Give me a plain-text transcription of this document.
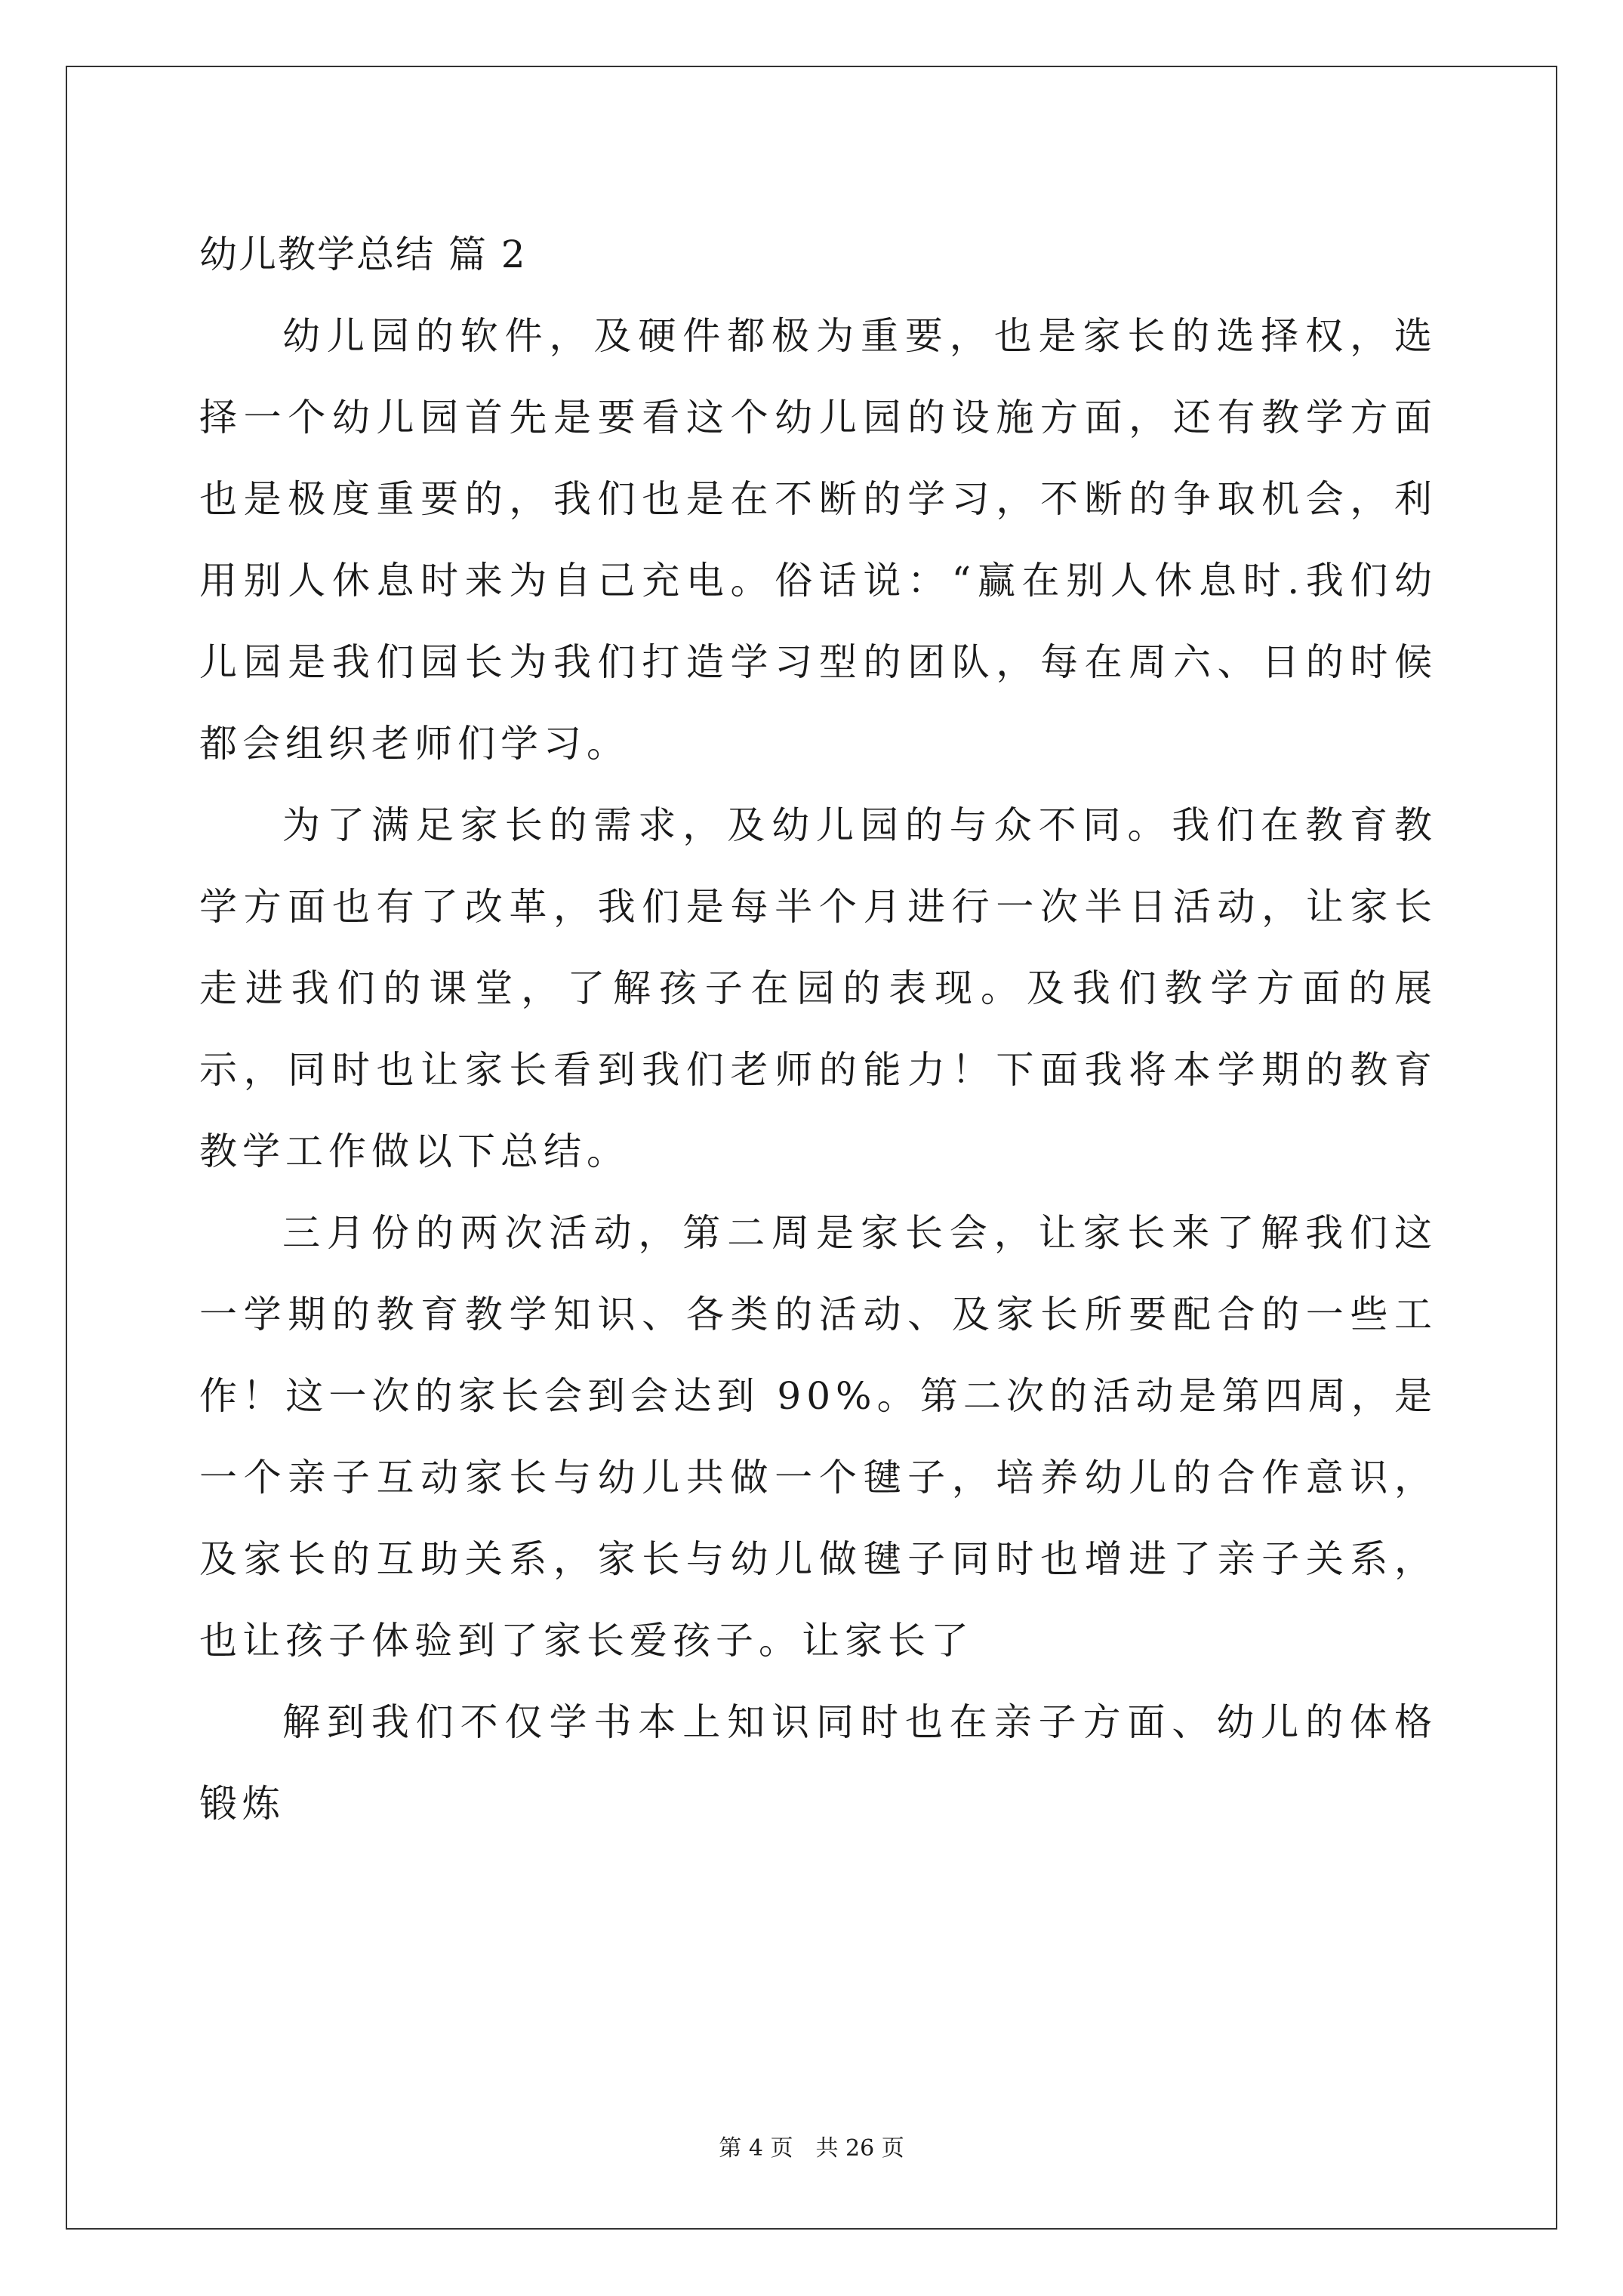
幼儿教学总结 篇 2

幼儿园的软件，及硬件都极为重要，也是家长的选择权，选择一个幼儿园首先是要看这个幼儿园的设施方面，还有教学方面也是极度重要的，我们也是在不断的学习，不断的争取机会，利用别人休息时来为自己充电。俗话说：“赢在别人休息时.我们幼儿园是我们园长为我们打造学习型的团队，每在周六、日的时候都会组织老师们学习。

为了满足家长的需求，及幼儿园的与众不同。我们在教育教学方面也有了改革，我们是每半个月进行一次半日活动，让家长走进我们的课堂，了解孩子在园的表现。及我们教学方面的展示，同时也让家长看到我们老师的能力！下面我将本学期的教育教学工作做以下总结。

三月份的两次活动，第二周是家长会，让家长来了解我们这一学期的教育教学知识、各类的活动、及家长所要配合的一些工作！这一次的家长会到会达到 90%。第二次的活动是第四周，是一个亲子互动家长与幼儿共做一个毽子，培养幼儿的合作意识，及家长的互助关系，家长与幼儿做毽子同时也增进了亲子关系，也让孩子体验到了家长爱孩子。让家长了

解到我们不仅学书本上知识同时也在亲子方面、幼儿的体格锻炼

第 4 页　共 26 页
